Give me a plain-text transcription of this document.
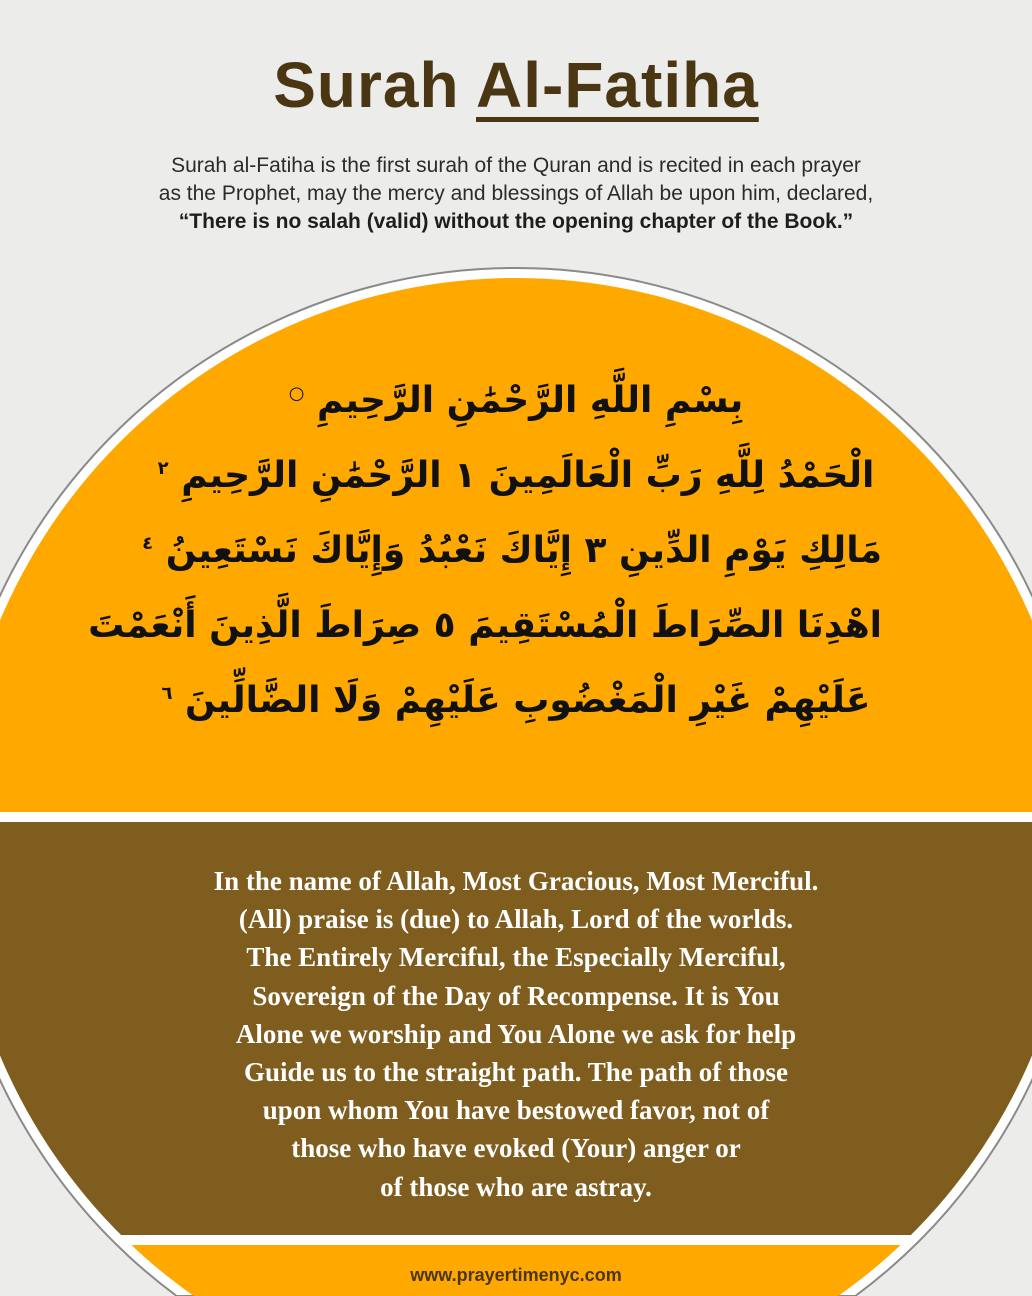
Surah Al-Fatiha
Surah al-Fatiha is the first surah of the Quran and is recited in each prayer
as the Prophet, may the mercy and blessings of Allah be upon him, declared,
“There is no salah (valid) without the opening chapter of the Book.”
بِسْمِ اللَّهِ الرَّحْمَٰنِ الرَّحِيمِ ○
الْحَمْدُ لِلَّهِ رَبِّ الْعَالَمِينَ ١ الرَّحْمَٰنِ الرَّحِيمِ $^٢$
مَالِكِ يَوْمِ الدِّينِ ٣ إِيَّاكَ نَعْبُدُ وَإِيَّاكَ نَسْتَعِينُ $^٤$
اهْدِنَا الصِّرَاطَ الْمُسْتَقِيمَ ٥ صِرَاطَ الَّذِينَ أَنْعَمْتَ
عَلَيْهِمْ غَيْرِ الْمَغْضُوبِ عَلَيْهِمْ وَلَا الضَّالِّينَ $^٦$
In the name of Allah, Most Gracious, Most Merciful.
(All) praise is (due) to Allah, Lord of the worlds.
The Entirely Merciful, the Especially Merciful,
Sovereign of the Day of Recompense. It is You
Alone we worship and You Alone we ask for help
Guide us to the straight path. The path of those
upon whom You have bestowed favor, not of
those who have evoked (Your) anger or
of those who are astray.
www.prayertimenyc.com
